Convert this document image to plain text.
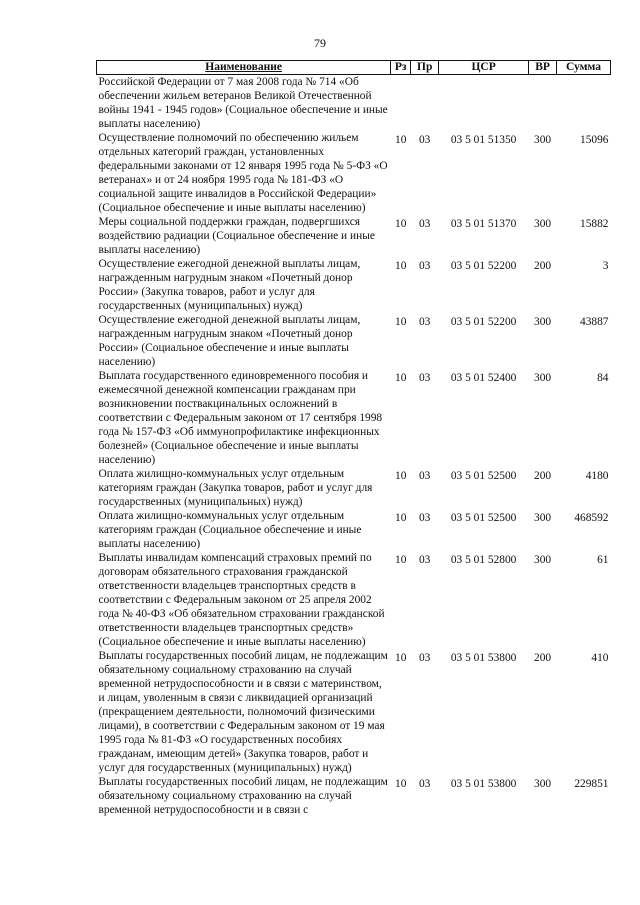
79
Наименование	Рз	Пр	ЦСР	ВР	Сумма
Российской Федерации от 7 мая 2008 года № 714 «Об обеспечении жильем ветеранов Великой Отечественной войны 1941 - 1945 годов» (Социальное обеспечение и иные выплаты населению)					
Осуществление полномочий по обеспечению жильем отдельных категорий граждан, установленных федеральными законами от 12 января 1995 года № 5-ФЗ «О ветеранах» и от 24 ноября 1995 года № 181-ФЗ «О социальной защите инвалидов в Российской Федерации» (Социальное обеспечение и иные выплаты населению)	10	03	03 5 01 51350	300	15096
Меры социальной поддержки граждан, подвергшихся воздействию радиации (Социальное обеспечение и иные выплаты населению)	10	03	03 5 01 51370	300	15882
Осуществление ежегодной денежной выплаты лицам, награжденным нагрудным знаком «Почетный донор России» (Закупка товаров, работ и услуг для государственных (муниципальных) нужд)	10	03	03 5 01 52200	200	3
Осуществление ежегодной денежной выплаты лицам, награжденным нагрудным знаком «Почетный донор России» (Социальное обеспечение и иные выплаты населению)	10	03	03 5 01 52200	300	43887
Выплата государственного единовременного пособия и ежемесячной денежной компенсации гражданам при возникновении поствакцинальных осложнений в соответствии с Федеральным законом от 17 сентября 1998 года № 157-ФЗ «Об иммунопрофилактике инфекционных болезней» (Социальное обеспечение и иные выплаты населению)	10	03	03 5 01 52400	300	84
Оплата жилищно-коммунальных услуг отдельным категориям граждан (Закупка товаров, работ и услуг для государственных (муниципальных) нужд)	10	03	03 5 01 52500	200	4180
Оплата жилищно-коммунальных услуг отдельным категориям граждан (Социальное обеспечение и иные выплаты населению)	10	03	03 5 01 52500	300	468592
Выплаты инвалидам компенсаций страховых премий по договорам обязательного страхования гражданской ответственности владельцев транспортных средств в соответствии с Федеральным законом от 25 апреля 2002 года № 40-ФЗ «Об обязательном страховании гражданской ответственности владельцев транспортных средств» (Социальное обеспечение и иные выплаты населению)	10	03	03 5 01 52800	300	61
Выплаты государственных пособий лицам, не подлежащим обязательному социальному страхованию на случай временной нетрудоспособности и в связи с материнством, и лицам, уволенным в связи с ликвидацией организаций (прекращением деятельности, полномочий физическими лицами), в соответствии с Федеральным законом от 19 мая 1995 года № 81-ФЗ «О государственных пособиях гражданам, имеющим детей» (Закупка товаров, работ и услуг для государственных (муниципальных) нужд)	10	03	03 5 01 53800	200	410
Выплаты государственных пособий лицам, не подлежащим обязательному социальному страхованию на случай временной нетрудоспособности и в связи с	10	03	03 5 01 53800	300	229851
